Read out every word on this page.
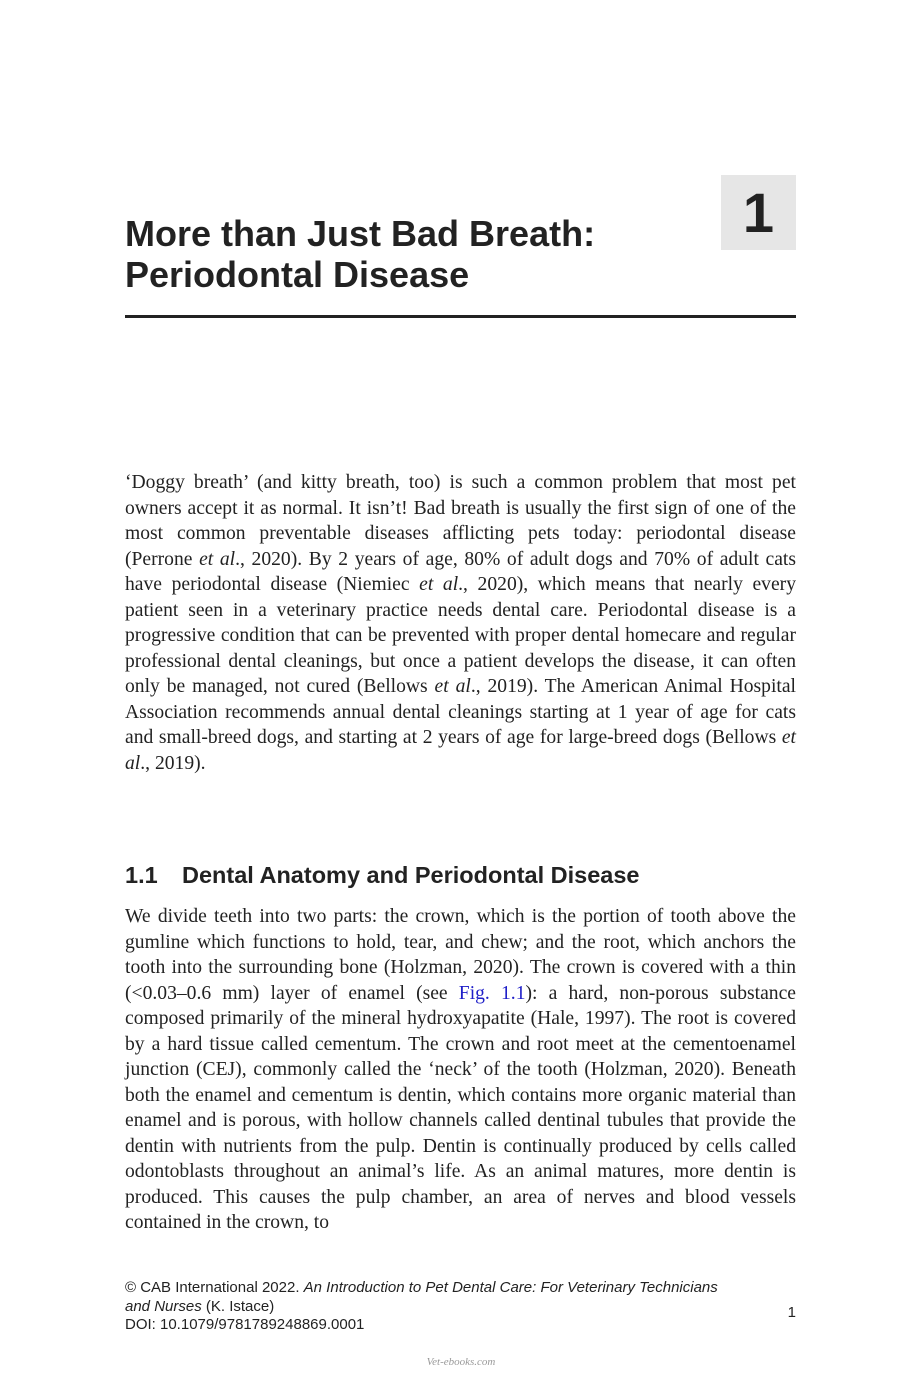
1
More than Just Bad Breath:
Periodontal Disease

‘Doggy breath’ (and kitty breath, too) is such a common problem that most pet owners accept it as normal. It isn’t! Bad breath is usually the first sign of one of the most common preventable diseases afflicting pets today: periodontal disease (Perrone et al., 2020). By 2 years of age, 80% of adult dogs and 70% of adult cats have periodontal disease (Niemiec et al., 2020), which means that nearly every patient seen in a veterinary practice needs dental care. Periodontal disease is a progressive condition that can be prevented with proper dental homecare and regular professional dental cleanings, but once a patient develops the disease, it can often only be managed, not cured (Bellows et al., 2019). The American Animal Hospital Association recommends annual dental cleanings starting at 1 year of age for cats and small-breed dogs, and starting at 2 years of age for large-breed dogs (Bellows et al., 2019).

1.1 Dental Anatomy and Periodontal Disease

We divide teeth into two parts: the crown, which is the portion of tooth above the gumline which functions to hold, tear, and chew; and the root, which anchors the tooth into the surrounding bone (Holzman, 2020). The crown is covered with a thin (<0.03–0.6 mm) layer of enamel (see Fig. 1.1): a hard, non-porous substance composed primarily of the mineral hydroxyapatite (Hale, 1997). The root is covered by a hard tissue called cementum. The crown and root meet at the cementoenamel junction (CEJ), commonly called the ‘neck’ of the tooth (Holzman, 2020). Beneath both the enamel and cementum is dentin, which contains more organic material than enamel and is porous, with hollow channels called dentinal tubules that provide the dentin with nutrients from the pulp. Dentin is continually produced by cells called odontoblasts throughout an animal’s life. As an animal matures, more dentin is produced. This causes the pulp chamber, an area of nerves and blood vessels contained in the crown, to

© CAB International 2022. An Introduction to Pet Dental Care: For Veterinary Technicians and Nurses (K. Istace)
DOI: 10.1079/9781789248869.0001
1
Vet-ebooks.com
